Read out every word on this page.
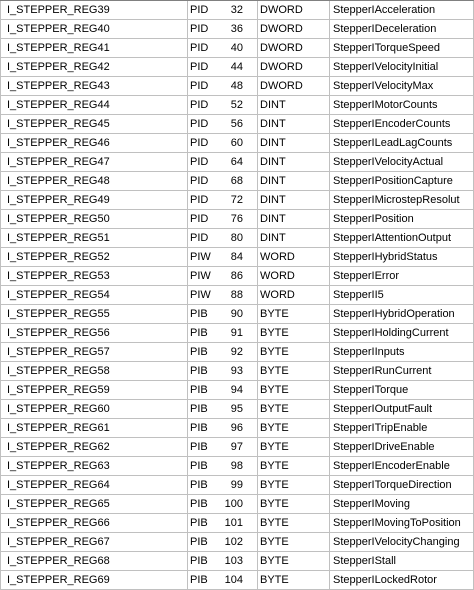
I_STEPPER_REG39	PID 32	DWORD	StepperIAcceleration
I_STEPPER_REG40	PID 36	DWORD	StepperIDeceleration
I_STEPPER_REG41	PID 40	DWORD	StepperITorqueSpeed
I_STEPPER_REG42	PID 44	DWORD	StepperIVelocityInitial
I_STEPPER_REG43	PID 48	DWORD	StepperIVelocityMax
I_STEPPER_REG44	PID 52	DINT	StepperIMotorCounts
I_STEPPER_REG45	PID 56	DINT	StepperIEncoderCounts
I_STEPPER_REG46	PID 60	DINT	StepperILeadLagCounts
I_STEPPER_REG47	PID 64	DINT	StepperIVelocityActual
I_STEPPER_REG48	PID 68	DINT	StepperIPositionCapture
I_STEPPER_REG49	PID 72	DINT	StepperIMicrostepResolut
I_STEPPER_REG50	PID 76	DINT	StepperIPosition
I_STEPPER_REG51	PID 80	DINT	StepperIAttentionOutput
I_STEPPER_REG52	PIW 84	WORD	StepperIHybridStatus
I_STEPPER_REG53	PIW 86	WORD	StepperIError
I_STEPPER_REG54	PIW 88	WORD	StepperII5
I_STEPPER_REG55	PIB 90	BYTE	StepperIHybridOperation
I_STEPPER_REG56	PIB 91	BYTE	StepperIHoldingCurrent
I_STEPPER_REG57	PIB 92	BYTE	StepperIInputs
I_STEPPER_REG58	PIB 93	BYTE	StepperIRunCurrent
I_STEPPER_REG59	PIB 94	BYTE	StepperITorque
I_STEPPER_REG60	PIB 95	BYTE	StepperIOutputFault
I_STEPPER_REG61	PIB 96	BYTE	StepperITripEnable
I_STEPPER_REG62	PIB 97	BYTE	StepperIDriveEnable
I_STEPPER_REG63	PIB 98	BYTE	StepperIEncoderEnable
I_STEPPER_REG64	PIB 99	BYTE	StepperITorqueDirection
I_STEPPER_REG65	PIB 100	BYTE	StepperIMoving
I_STEPPER_REG66	PIB 101	BYTE	StepperIMovingToPosition
I_STEPPER_REG67	PIB 102	BYTE	StepperIVelocityChanging
I_STEPPER_REG68	PIB 103	BYTE	StepperIStall
I_STEPPER_REG69	PIB 104	BYTE	StepperILockedRotor
